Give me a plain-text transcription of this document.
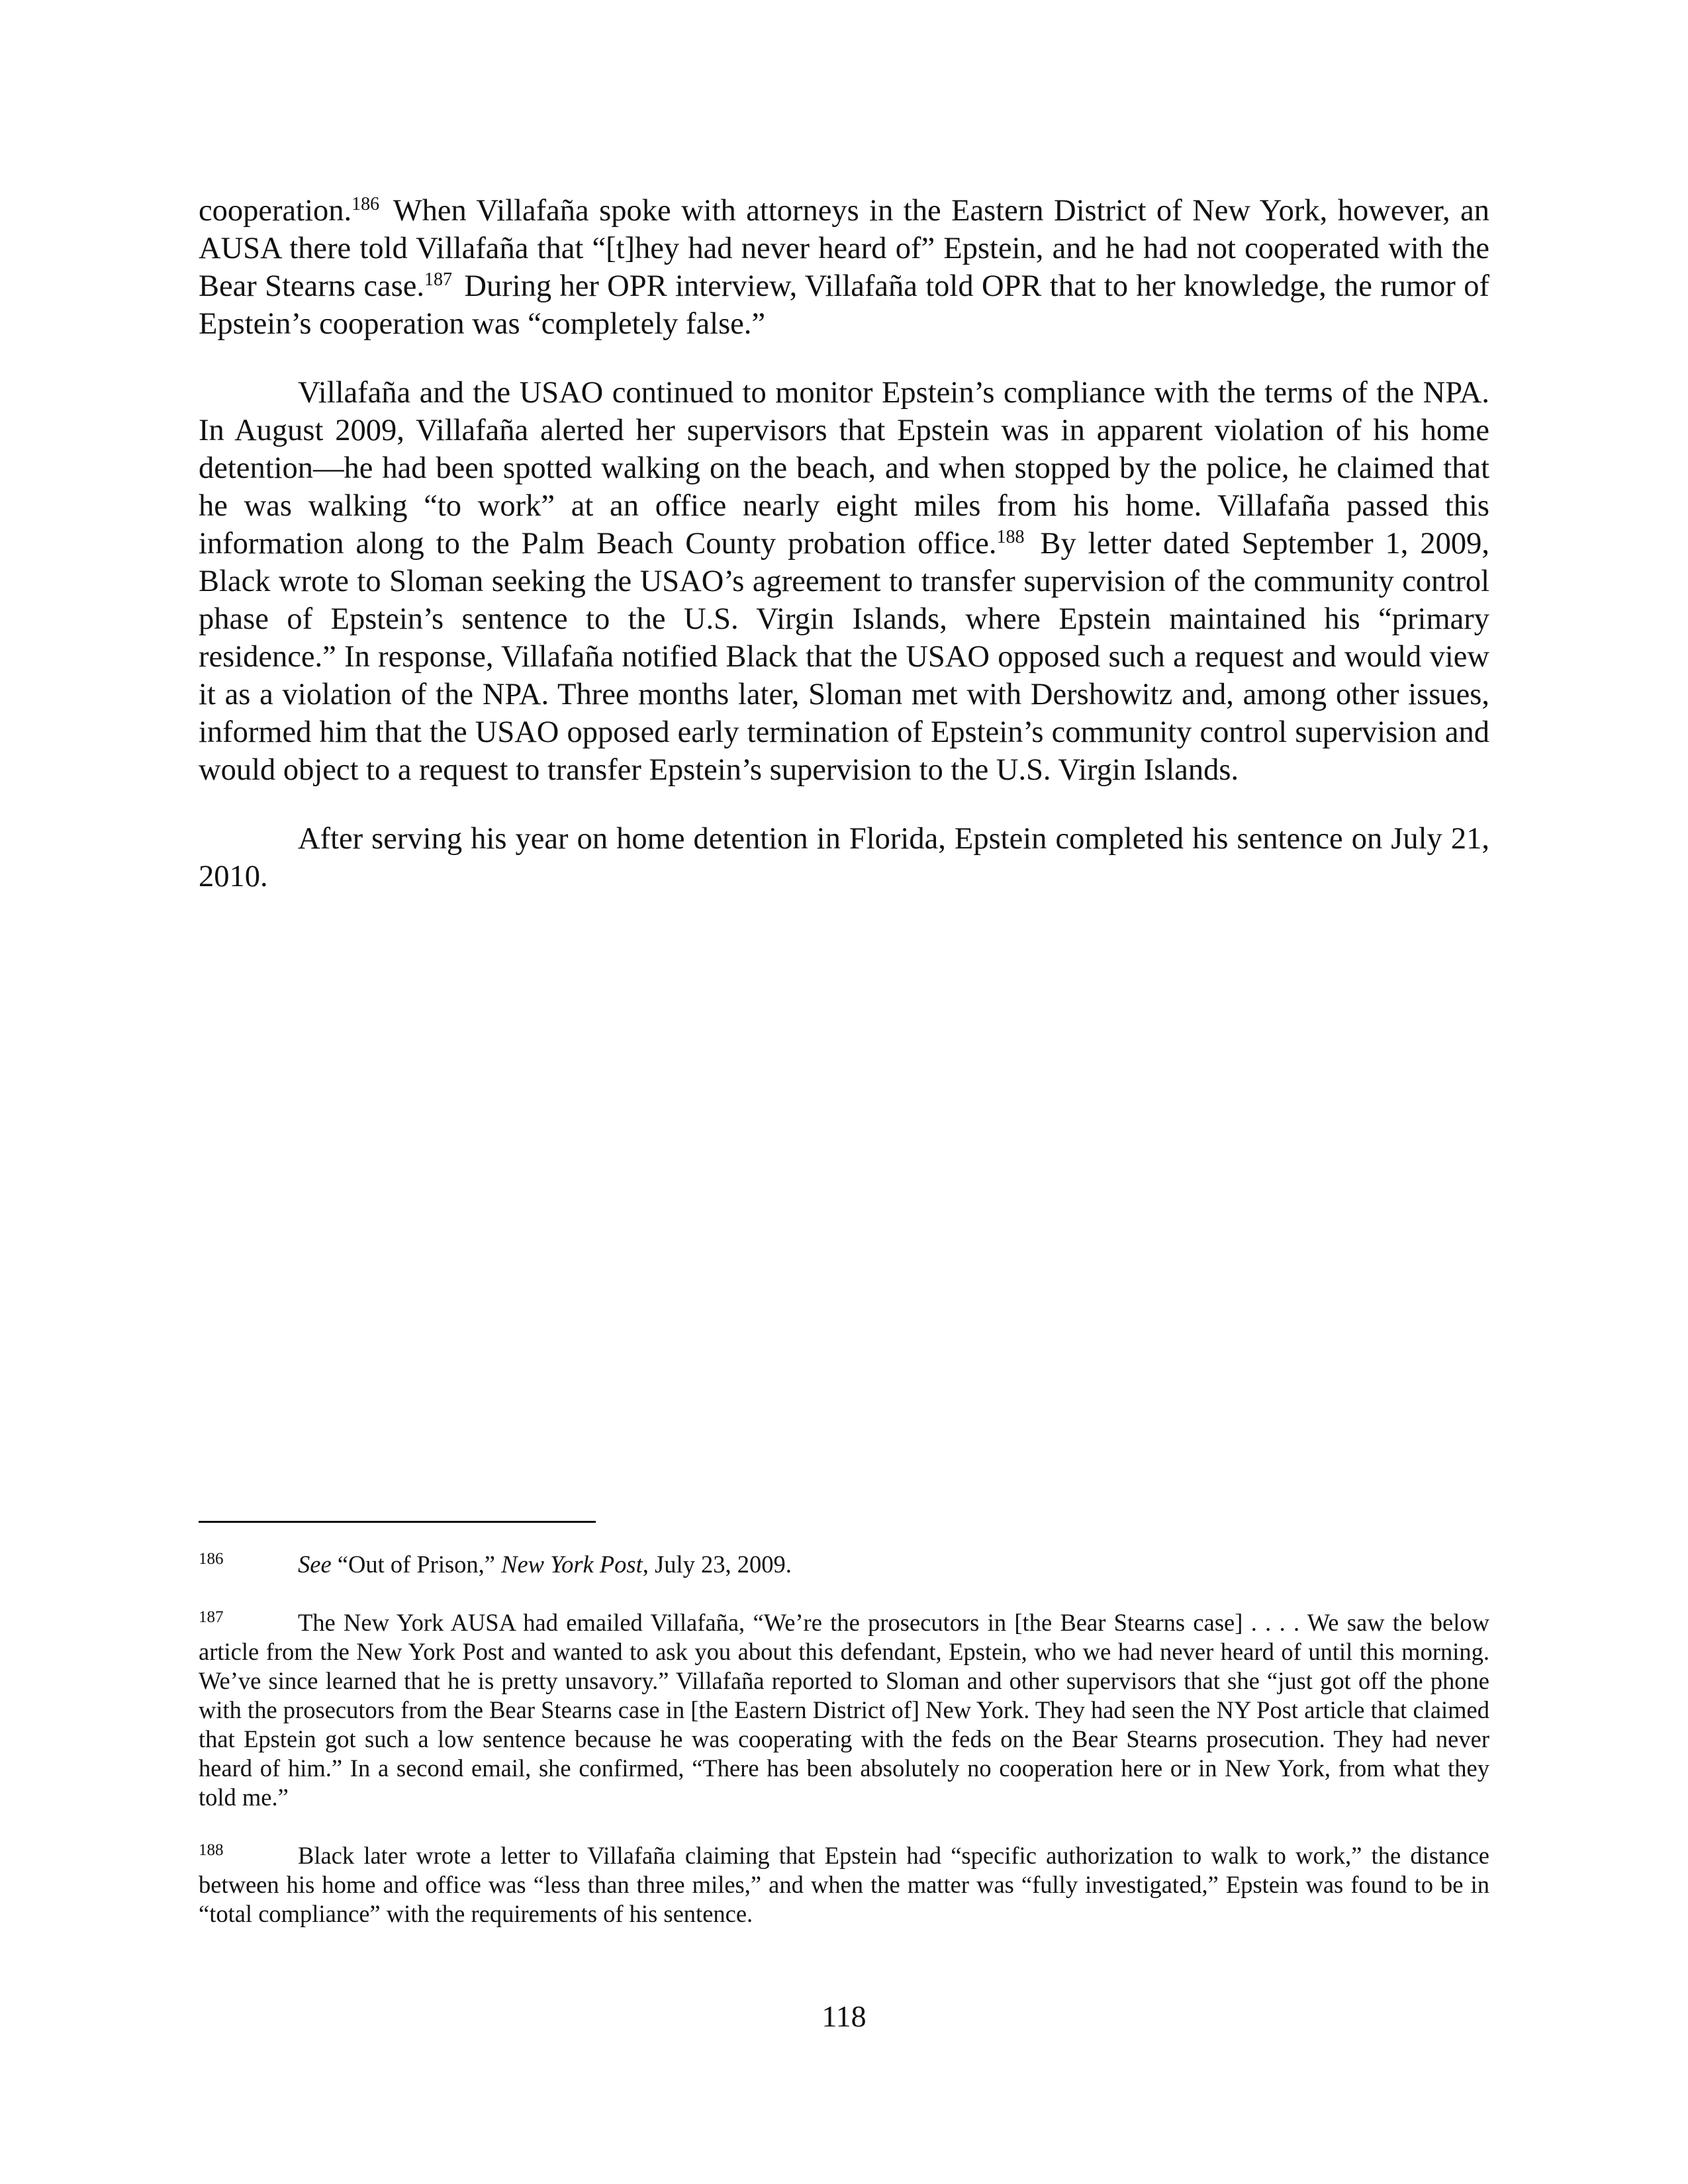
cooperation.$^{186}$ When Villafaña spoke with attorneys in the Eastern District of New York, however, an AUSA there told Villafaña that “[t]hey had never heard of” Epstein, and he had not cooperated with the Bear Stearns case.$^{187}$ During her OPR interview, Villafaña told OPR that to her knowledge, the rumor of Epstein’s cooperation was “completely false.”

Villafaña and the USAO continued to monitor Epstein’s compliance with the terms of the NPA. In August 2009, Villafaña alerted her supervisors that Epstein was in apparent violation of his home detention—he had been spotted walking on the beach, and when stopped by the police, he claimed that he was walking “to work” at an office nearly eight miles from his home. Villafaña passed this information along to the Palm Beach County probation office.$^{188}$ By letter dated September 1, 2009, Black wrote to Sloman seeking the USAO’s agreement to transfer supervision of the community control phase of Epstein’s sentence to the U.S. Virgin Islands, where Epstein maintained his “primary residence.” In response, Villafaña notified Black that the USAO opposed such a request and would view it as a violation of the NPA. Three months later, Sloman met with Dershowitz and, among other issues, informed him that the USAO opposed early termination of Epstein’s community control supervision and would object to a request to transfer Epstein’s supervision to the U.S. Virgin Islands.

After serving his year on home detention in Florida, Epstein completed his sentence on July 21, 2010.

186	See “Out of Prison,” New York Post, July 23, 2009.
187	The New York AUSA had emailed Villafaña, “We’re the prosecutors in [the Bear Stearns case] . . . . We saw the below article from the New York Post and wanted to ask you about this defendant, Epstein, who we had never heard of until this morning. We’ve since learned that he is pretty unsavory.” Villafaña reported to Sloman and other supervisors that she “just got off the phone with the prosecutors from the Bear Stearns case in [the Eastern District of] New York. They had seen the NY Post article that claimed that Epstein got such a low sentence because he was cooperating with the feds on the Bear Stearns prosecution. They had never heard of him.” In a second email, she confirmed, “There has been absolutely no cooperation here or in New York, from what they told me.”
188	Black later wrote a letter to Villafaña claiming that Epstein had “specific authorization to walk to work,” the distance between his home and office was “less than three miles,” and when the matter was “fully investigated,” Epstein was found to be in “total compliance” with the requirements of his sentence.
118
